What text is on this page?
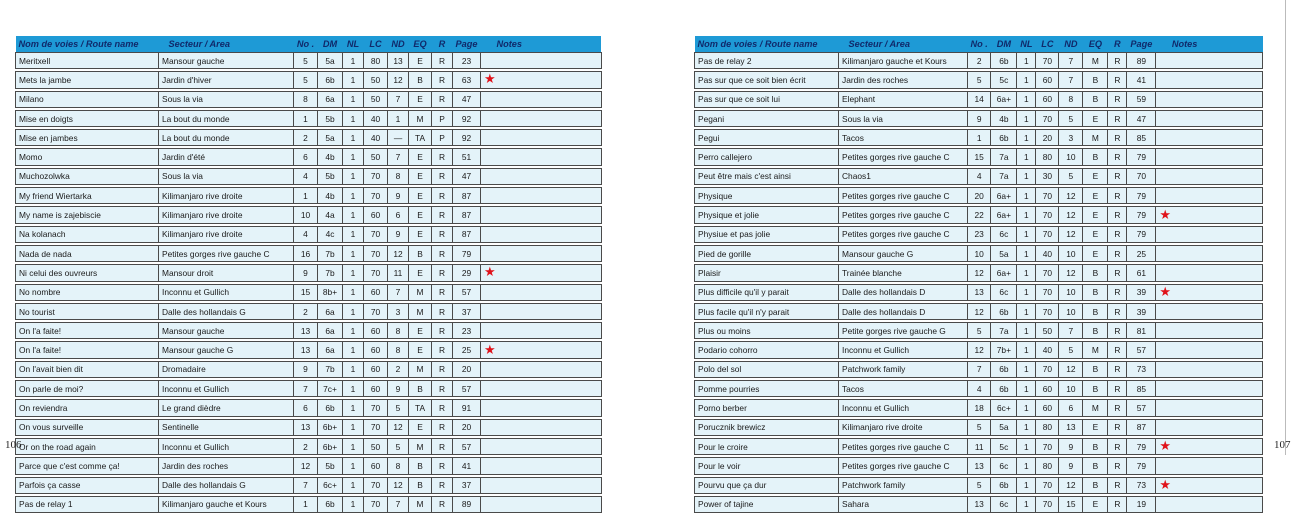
Nom de voies / Route name	Secteur / Area	No .	DM	NL	LC	ND	EQ	R	Page	Notes
Meritxell	Mansour gauche	5	5a	1	80	13	E	R	23	

Mets la jambe	Jardin d'hiver	5	6b	1	50	12	B	R	63	★

Milano	Sous la via	8	6a	1	50	7	E	R	47	

Mise en doigts	La bout du monde	1	5b	1	40	1	M	P	92	

Mise en jambes	La bout du monde	2	5a	1	40	—	TA	P	92	

Momo	Jardin d'été	6	4b	1	50	7	E	R	51	

Muchozolwka	Sous la via	4	5b	1	70	8	E	R	47	

My friend Wiertarka	Kilimanjaro rive droite	1	4b	1	70	9	E	R	87	

My name is zajebiscie	Kilimanjaro rive droite	10	4a	1	60	6	E	R	87	

Na kolanach	Kilimanjaro rive droite	4	4c	1	70	9	E	R	87	

Nada de nada	Petites gorges rive gauche C	16	7b	1	70	12	B	R	79	

Ni celui des ouvreurs	Mansour droit	9	7b	1	70	11	E	R	29	★

No nombre	Inconnu et Gullich	15	8b+	1	60	7	M	R	57	

No tourist	Dalle des hollandais G	2	6a	1	70	3	M	R	37	

On l'a faite!	Mansour gauche	13	6a	1	60	8	E	R	23	

On l'a faite!	Mansour gauche G	13	6a	1	60	8	E	R	25	★

On l'avait bien dit	Dromadaire	9	7b	1	60	2	M	R	20	

On parle de moi?	Inconnu et Gullich	7	7c+	1	60	9	B	R	57	

On reviendra	Le grand dièdre	6	6b	1	70	5	TA	R	91	

On vous surveille	Sentinelle	13	6b+	1	70	12	E	R	20	

Or on the road again	Inconnu et Gullich	2	6b+	1	50	5	M	R	57	

Parce que c'est comme ça!	Jardin des roches	12	5b	1	60	8	B	R	41	

Parfois ça casse	Dalle des hollandais G	7	6c+	1	70	12	B	R	37	

Pas de relay 1	Kilimanjaro gauche et Kours	1	6b	1	70	7	M	R	89	
106
Nom de voies / Route name	Secteur / Area	No .	DM	NL	LC	ND	EQ	R	Page	Notes
Pas de relay 2	Kilimanjaro gauche et Kours	2	6b	1	70	7	M	R	89	

Pas sur que ce soit bien écrit	Jardin des roches	5	5c	1	60	7	B	R	41	

Pas sur que ce soit lui	Elephant	14	6a+	1	60	8	B	R	59	

Pegani	Sous la via	9	4b	1	70	5	E	R	47	

Pegui	Tacos	1	6b	1	20	3	M	R	85	

Perro callejero	Petites gorges rive gauche C	15	7a	1	80	10	B	R	79	

Peut être mais c'est ainsi	Chaos1	4	7a	1	30	5	E	R	70	

Physique	Petites gorges rive gauche C	20	6a+	1	70	12	E	R	79	

Physique et jolie	Petites gorges rive gauche C	22	6a+	1	70	12	E	R	79	★

Physiue et pas jolie	Petites gorges rive gauche C	23	6c	1	70	12	E	R	79	

Pied de gorille	Mansour gauche G	10	5a	1	40	10	E	R	25	

Plaisir	Trainée blanche	12	6a+	1	70	12	B	R	61	

Plus difficile qu'il y parait	Dalle des hollandais D	13	6c	1	70	10	B	R	39	★

Plus facile qu'il n'y parait	Dalle des hollandais D	12	6b	1	70	10	B	R	39	

Plus ou moins	Petite gorges rive gauche G	5	7a	1	50	7	B	R	81	

Podario cohorro	Inconnu et Gullich	12	7b+	1	40	5	M	R	57	

Polo del sol	Patchwork family	7	6b	1	70	12	B	R	73	

Pomme pourries	Tacos	4	6b	1	60	10	B	R	85	

Porno berber	Inconnu et Gullich	18	6c+	1	60	6	M	R	57	

Porucznik brewicz	Kilimanjaro rive droite	5	5a	1	80	13	E	R	87	

Pour le croire	Petites gorges rive gauche C	11	5c	1	70	9	B	R	79	★

Pour le voir	Petites gorges rive gauche C	13	6c	1	80	9	B	R	79	

Pourvu que ça dur	Patchwork family	5	6b	1	70	12	B	R	73	★

Power of tajine	Sahara	13	6c	1	70	15	E	R	19	
107
